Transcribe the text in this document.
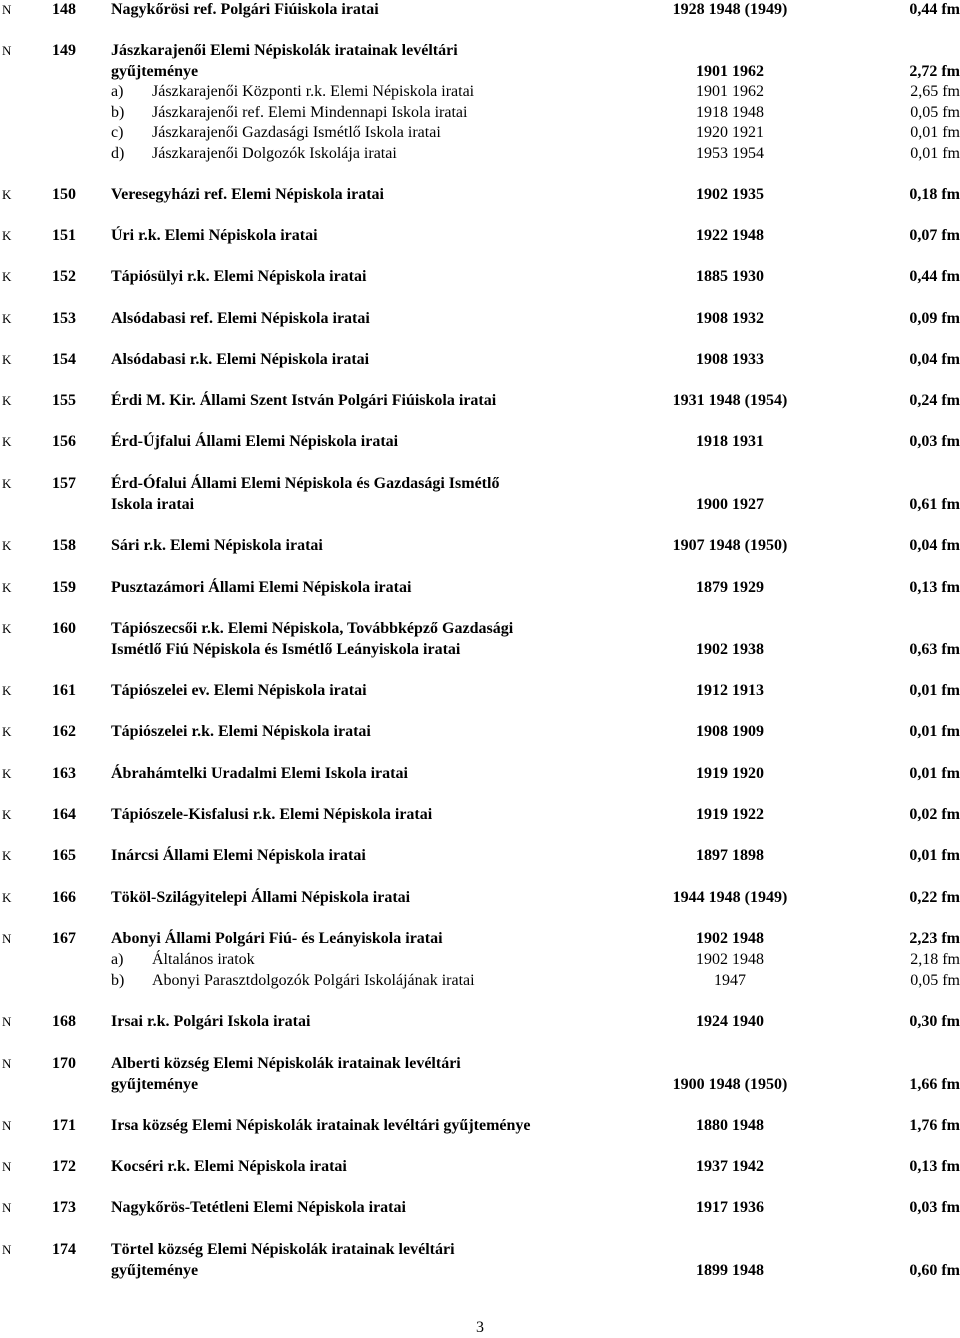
N	148 Nagykőrösi ref. Polgári Fiúiskola iratai	1928 1948 (1949)	0,44 fm
N	149 Jászkarajenői Elemi Népiskolák iratainak levéltári
gyűjteménye	1901 1962	2,72 fm
a) Jászkarajenői Központi r.k. Elemi Népiskola iratai	1901 1962	2,65 fm
b) Jászkarajenői ref. Elemi Mindennapi Iskola iratai	1918 1948	0,05 fm
c) Jászkarajenői Gazdasági Ismétlő Iskola iratai	1920 1921	0,01 fm
d) Jászkarajenői Dolgozók Iskolája iratai	1953 1954	0,01 fm
K	150 Veresegyházi ref. Elemi Népiskola iratai	1902 1935	0,18 fm
K	151 Úri r.k. Elemi Népiskola iratai	1922 1948	0,07 fm
K	152 Tápiósülyi r.k. Elemi Népiskola iratai	1885 1930	0,44 fm
K	153 Alsódabasi ref. Elemi Népiskola iratai	1908 1932	0,09 fm
K	154 Alsódabasi r.k. Elemi Népiskola iratai	1908 1933	0,04 fm
K	155 Érdi M. Kir. Állami Szent István Polgári Fiúiskola iratai	1931 1948 (1954)	0,24 fm
K	156 Érd-Újfalui Állami Elemi Népiskola iratai	1918 1931	0,03 fm
K	157 Érd-Ófalui Állami Elemi Népiskola és Gazdasági Ismétlő
Iskola iratai	1900 1927	0,61 fm
K	158 Sári r.k. Elemi Népiskola iratai	1907 1948 (1950)	0,04 fm
K	159 Pusztazámori Állami Elemi Népiskola iratai	1879 1929	0,13 fm
K	160 Tápiószecsői r.k. Elemi Népiskola, Továbbképző Gazdasági
Ismétlő Fiú Népiskola és Ismétlő Leányiskola iratai	1902 1938	0,63 fm
K	161 Tápiószelei ev. Elemi Népiskola iratai	1912 1913	0,01 fm
K	162 Tápiószelei r.k. Elemi Népiskola iratai	1908 1909	0,01 fm
K	163 Ábrahámtelki Uradalmi Elemi Iskola iratai	1919 1920	0,01 fm
K	164 Tápiószele-Kisfalusi r.k. Elemi Népiskola iratai	1919 1922	0,02 fm
K	165 Inárcsi Állami Elemi Népiskola iratai	1897 1898	0,01 fm
K	166 Tököl-Szilágyitelepi Állami Népiskola iratai	1944 1948 (1949)	0,22 fm
N	167 Abonyi Állami Polgári Fiú- és Leányiskola iratai	1902 1948	2,23 fm
a) Általános iratok	1902 1948	2,18 fm
b) Abonyi Parasztdolgozók Polgári Iskolájának iratai	1947	0,05 fm
N	168 Irsai r.k. Polgári Iskola iratai	1924 1940	0,30 fm
N	170 Alberti község Elemi Népiskolák iratainak levéltári
gyűjteménye	1900 1948 (1950)	1,66 fm
N	171 Irsa község Elemi Népiskolák iratainak levéltári gyűjteménye	1880 1948	1,76 fm
N	172 Kocséri r.k. Elemi Népiskola iratai	1937 1942	0,13 fm
N	173 Nagykőrös-Tetétleni Elemi Népiskola iratai	1917 1936	0,03 fm
N	174 Törtel község Elemi Népiskolák iratainak levéltári
gyűjteménye	1899 1948	0,60 fm
3
